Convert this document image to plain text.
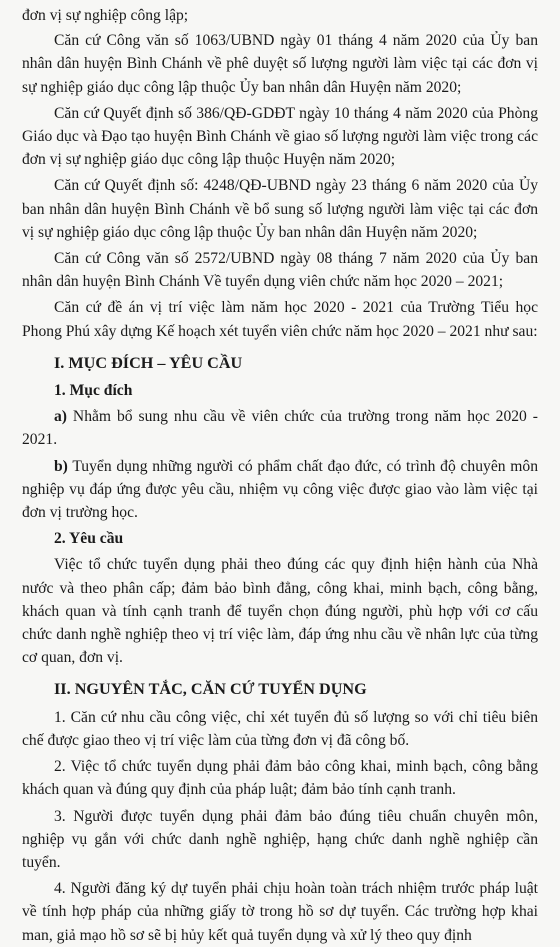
đơn vị sự nghiệp công lập;

Căn cứ Công văn số 1063/UBND ngày 01 tháng 4 năm 2020 của Ủy ban nhân dân huyện Bình Chánh về phê duyệt số lượng người làm việc tại các đơn vị sự nghiệp giáo dục công lập thuộc Ủy ban nhân dân Huyện năm 2020;

Căn cứ Quyết định số 386/QĐ-GDĐT ngày 10 tháng 4 năm 2020 của Phòng Giáo dục và Đạo tạo huyện Bình Chánh về giao số lượng người làm việc trong các đơn vị sự nghiệp giáo dục công lập thuộc Huyện năm 2020;

Căn cứ Quyết định số: 4248/QĐ-UBND ngày 23 tháng 6 năm 2020 của Ủy ban nhân dân huyện Bình Chánh về bổ sung số lượng người làm việc tại các đơn vị sự nghiệp giáo dục công lập thuộc Ủy ban nhân dân Huyện năm 2020;

Căn cứ Công văn số 2572/UBND ngày 08 tháng 7 năm 2020 của Ủy ban nhân dân huyện Bình Chánh Về tuyển dụng viên chức năm học 2020 – 2021;

Căn cứ đề án vị trí việc làm năm học 2020 - 2021 của Trường Tiểu học Phong Phú xây dựng Kế hoạch xét tuyển viên chức năm học 2020 – 2021 như sau:

I. MỤC ĐÍCH – YÊU CẦU

1. Mục đích

a) Nhằm bổ sung nhu cầu về viên chức của trường trong năm học 2020 - 2021.

b) Tuyển dụng những người có phẩm chất đạo đức, có trình độ chuyên môn nghiệp vụ đáp ứng được yêu cầu, nhiệm vụ công việc được giao vào làm việc tại đơn vị trường học.

2. Yêu cầu

Việc tổ chức tuyển dụng phải theo đúng các quy định hiện hành của Nhà nước và theo phân cấp; đảm bảo bình đẳng, công khai, minh bạch, công bằng, khách quan và tính cạnh tranh để tuyển chọn đúng người, phù hợp với cơ cấu chức danh nghề nghiệp theo vị trí việc làm, đáp ứng nhu cầu về nhân lực của từng cơ quan, đơn vị.

II. NGUYÊN TẮC, CĂN CỨ TUYỂN DỤNG

1. Căn cứ nhu cầu công việc, chỉ xét tuyển đủ số lượng so với chỉ tiêu biên chế được giao theo vị trí việc làm của từng đơn vị đã công bố.

2. Việc tổ chức tuyển dụng phải đảm bảo công khai, minh bạch, công bằng khách quan và đúng quy định của pháp luật; đảm bảo tính cạnh tranh.

3. Người được tuyển dụng phải đảm bảo đúng tiêu chuẩn chuyên môn, nghiệp vụ gắn với chức danh nghề nghiệp, hạng chức danh nghề nghiệp cần tuyển.

4. Người đăng ký dự tuyển phải chịu hoàn toàn trách nhiệm trước pháp luật về tính hợp pháp của những giấy tờ trong hồ sơ dự tuyển. Các trường hợp khai man, giả mạo hồ sơ sẽ bị hủy kết quả tuyển dụng và xử lý theo quy định
